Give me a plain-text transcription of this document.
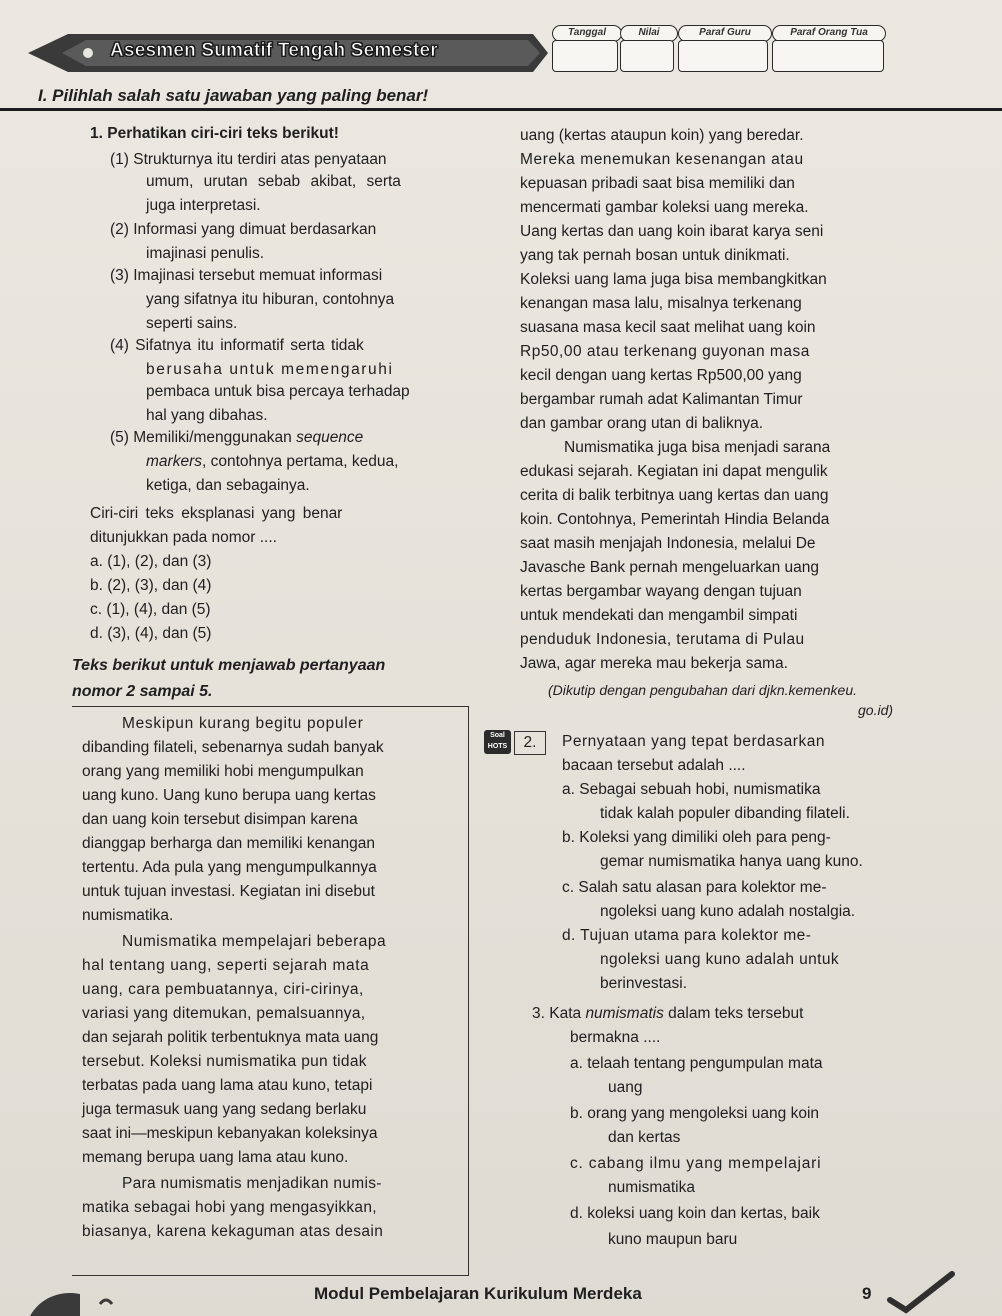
Asesmen Sumatif Tengah Semester
Tanggal	Nilai	Paraf Guru	Paraf Orang Tua
I. Pilihlah salah satu jawaban yang paling benar!
1. Perhatikan ciri-ciri teks berikut!
(1) Strukturnya itu terdiri atas penyataan
umum, urutan sebab akibat, serta
juga interpretasi.
(2) Informasi yang dimuat berdasarkan
imajinasi penulis.
(3) Imajinasi tersebut memuat informasi
yang sifatnya itu hiburan, contohnya
seperti sains.
(4) Sifatnya itu informatif serta tidak
berusaha untuk memengaruhi
pembaca untuk bisa percaya terhadap
hal yang dibahas.
(5) Memiliki/menggunakan sequence
markers, contohnya pertama, kedua,
ketiga, dan sebagainya.
Ciri-ciri teks eksplanasi yang benar
ditunjukkan pada nomor ....
a. (1), (2), dan (3)
b. (2), (3), dan (4)
c. (1), (4), dan (5)
d. (3), (4), dan (5)
Teks berikut untuk menjawab pertanyaan
nomor 2 sampai 5.
uang (kertas ataupun koin) yang beredar.
Mereka menemukan kesenangan atau
kepuasan pribadi saat bisa memiliki dan
mencermati gambar koleksi uang mereka.
Uang kertas dan uang koin ibarat karya seni
yang tak pernah bosan untuk dinikmati.
Koleksi uang lama juga bisa membangkitkan
kenangan masa lalu, misalnya terkenang
suasana masa kecil saat melihat uang koin
Rp50,00 atau terkenang guyonan masa
kecil dengan uang kertas Rp500,00 yang
bergambar rumah adat Kalimantan Timur
dan gambar orang utan di baliknya.
Numismatika juga bisa menjadi sarana
edukasi sejarah. Kegiatan ini dapat mengulik
cerita di balik terbitnya uang kertas dan uang
koin. Contohnya, Pemerintah Hindia Belanda
saat masih menjajah Indonesia, melalui De
Javasche Bank pernah mengeluarkan uang
kertas bergambar wayang dengan tujuan
untuk mendekati dan mengambil simpati
penduduk Indonesia, terutama di Pulau
Jawa, agar mereka mau bekerja sama.
(Dikutip dengan pengubahan dari djkn.kemenkeu.
go.id)
Meskipun kurang begitu populer
dibanding filateli, sebenarnya sudah banyak
orang yang memiliki hobi mengumpulkan
uang kuno. Uang kuno berupa uang kertas
dan uang koin tersebut disimpan karena
dianggap berharga dan memiliki kenangan
tertentu. Ada pula yang mengumpulkannya
untuk tujuan investasi. Kegiatan ini disebut
numismatika.
Numismatika mempelajari beberapa
hal tentang uang, seperti sejarah mata
uang, cara pembuatannya, ciri-cirinya,
variasi yang ditemukan, pemalsuannya,
dan sejarah politik terbentuknya mata uang
tersebut. Koleksi numismatika pun tidak
terbatas pada uang lama atau kuno, tetapi
juga termasuk uang yang sedang berlaku
saat ini—meskipun kebanyakan koleksinya
memang berupa uang lama atau kuno.
Para numismatis menjadikan numis-
matika sebagai hobi yang mengasyikkan,
biasanya, karena kekaguman atas desain
Soal HOTS	2.	Pernyataan yang tepat berdasarkan
bacaan tersebut adalah ....
a. Sebagai sebuah hobi, numismatika
tidak kalah populer dibanding filateli.
b. Koleksi yang dimiliki oleh para peng-
gemar numismatika hanya uang kuno.
c. Salah satu alasan para kolektor me-
ngoleksi uang kuno adalah nostalgia.
d. Tujuan utama para kolektor me-
ngoleksi uang kuno adalah untuk
berinvestasi.
3. Kata numismatis dalam teks tersebut
bermakna ....
a. telaah tentang pengumpulan mata
uang
b. orang yang mengoleksi uang koin
dan kertas
c. cabang ilmu yang mempelajari
numismatika
d. koleksi uang koin dan kertas, baik
kuno maupun baru
Modul Pembelajaran Kurikulum Merdeka	9
